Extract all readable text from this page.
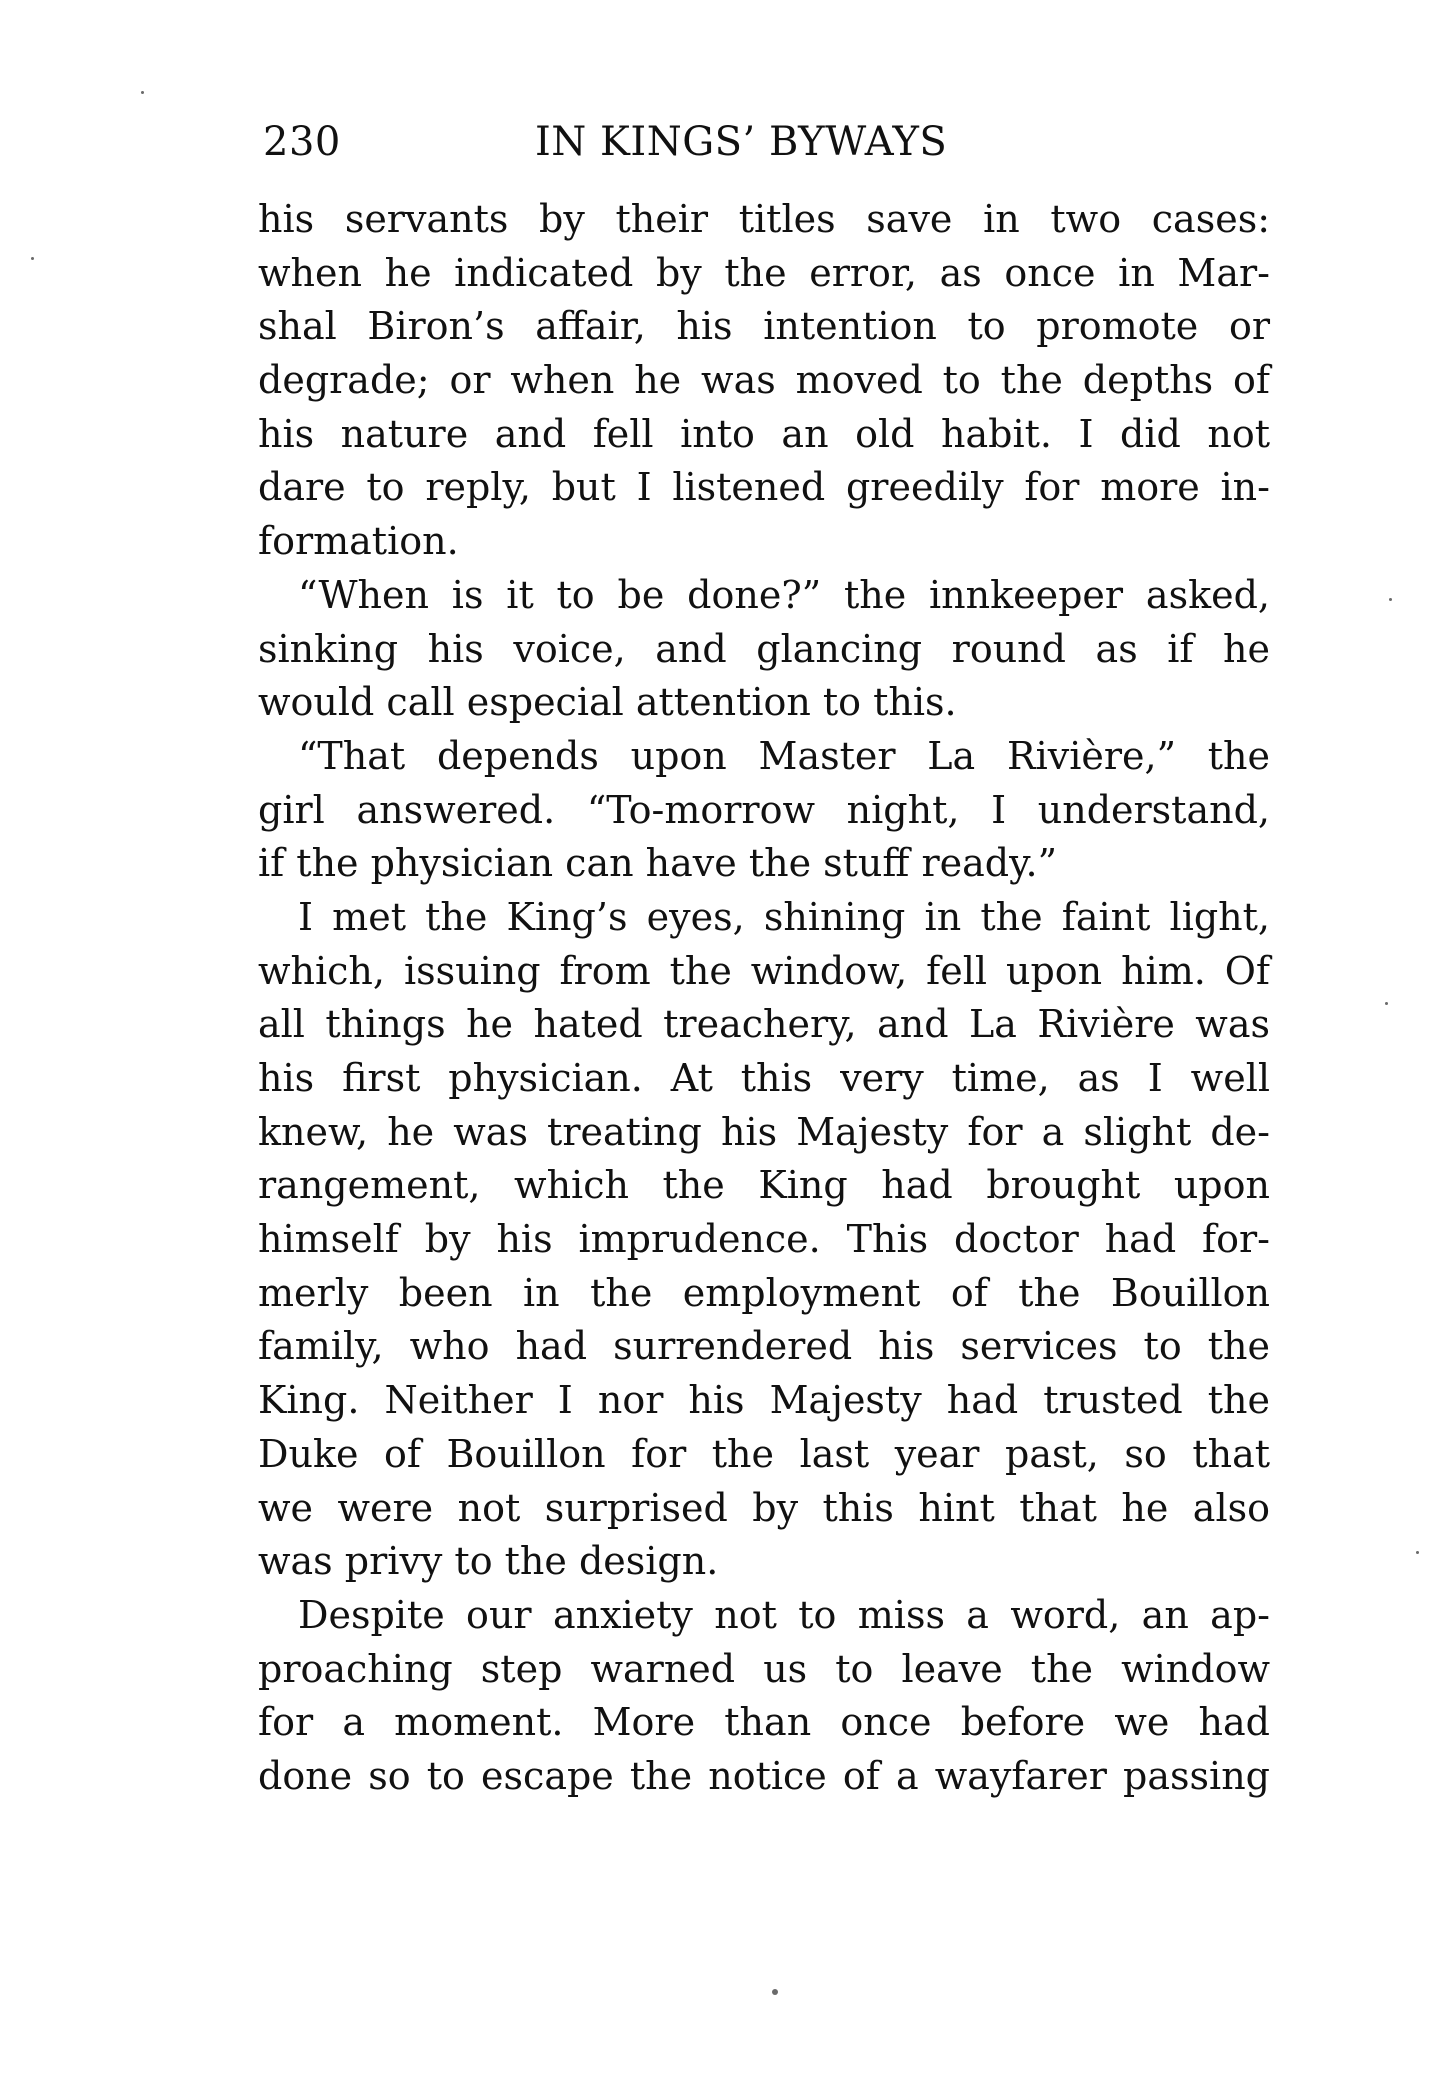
230	IN KINGS’ BYWAYS
his servants by their titles save in two cases:
when he indicated by the error, as once in Mar-
shal Biron’s affair, his intention to promote or
degrade; or when he was moved to the depths of
his nature and fell into an old habit. I did not
dare to reply, but I listened greedily for more in-
formation.
“When is it to be done?” the innkeeper asked,
sinking his voice, and glancing round as if he
would call especial attention to this.
“That depends upon Master La Rivière,” the
girl answered. “To-morrow night, I understand,
if the physician can have the stuff ready.”
I met the King’s eyes, shining in the faint light,
which, issuing from the window, fell upon him. Of
all things he hated treachery, and La Rivière was
his first physician. At this very time, as I well
knew, he was treating his Majesty for a slight de-
rangement, which the King had brought upon
himself by his imprudence. This doctor had for-
merly been in the employment of the Bouillon
family, who had surrendered his services to the
King. Neither I nor his Majesty had trusted the
Duke of Bouillon for the last year past, so that
we were not surprised by this hint that he also
was privy to the design.
Despite our anxiety not to miss a word, an ap-
proaching step warned us to leave the window
for a moment. More than once before we had
done so to escape the notice of a wayfarer passing
